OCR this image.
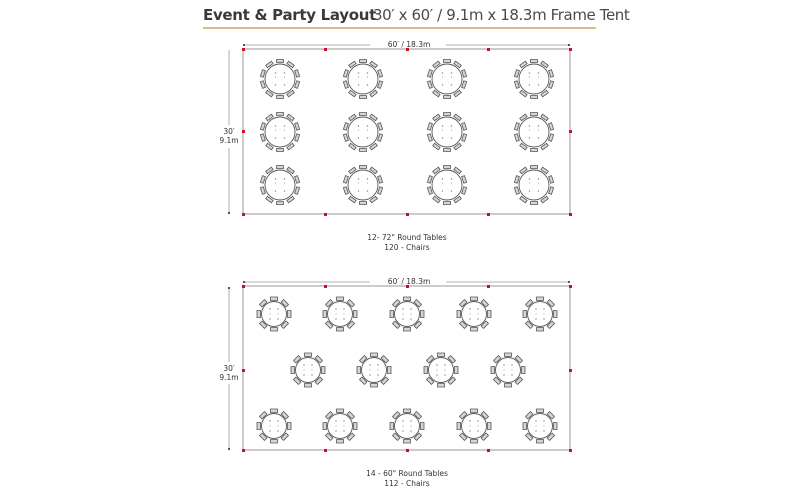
Event & Party Layout
30′ x 60′ / 9.1m x 18.3m Frame Tent
60′ / 18.3m
30′
9.1m
12- 72" Round Tables
120 - Chairs
60′ / 18.3m
30′
9.1m
14 - 60" Round Tables
112 - Chairs
